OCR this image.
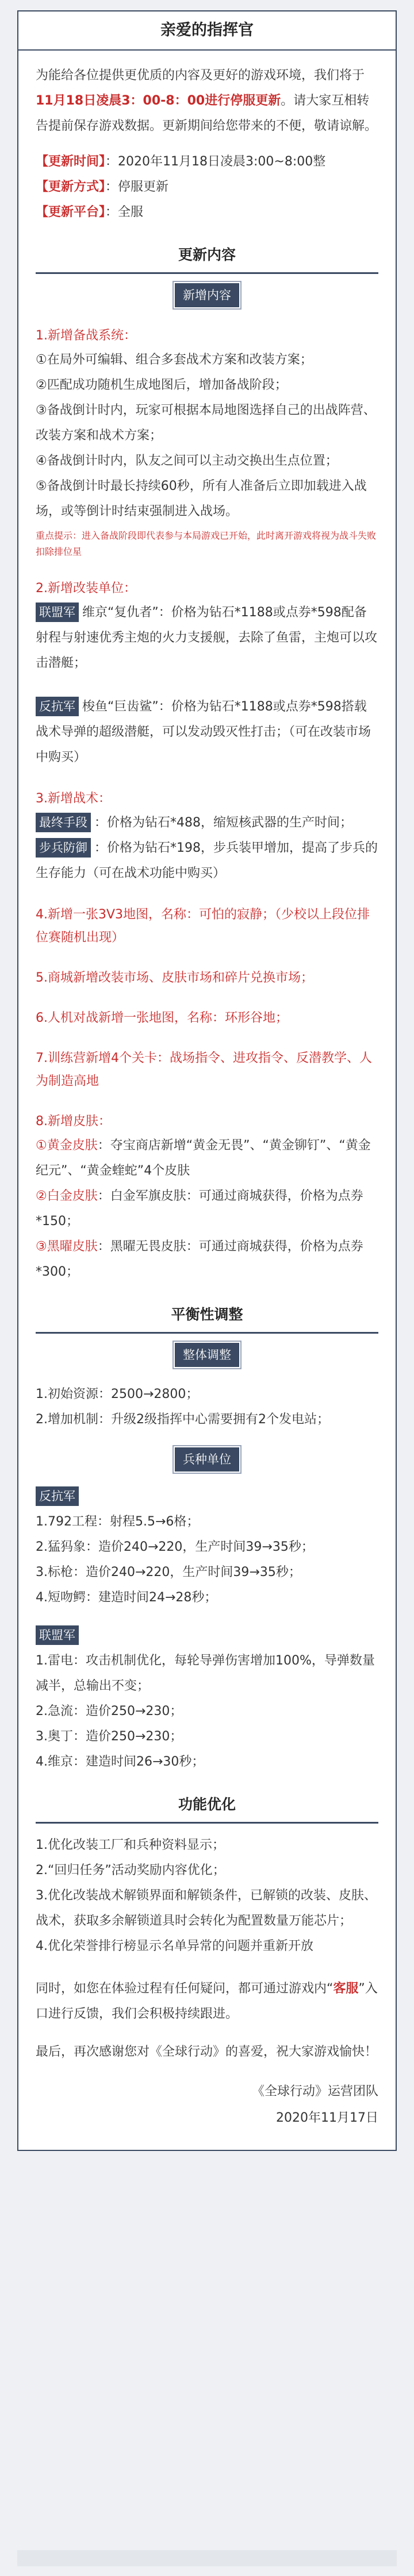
亲爱的指挥官

为能给各位提供更优质的内容及更好的游戏环境，我们将于11月18日凌晨3：00-8：00进行停服更新。请大家互相转告提前保存游戏数据。更新期间给您带来的不便，敬请谅解。

【更新时间】：2020年11月18日凌晨3:00~8:00整
【更新方式】：停服更新
【更新平台】：全服
更新内容
新增内容
1.新增备战系统：
①在局外可编辑、组合多套战术方案和改装方案；
②匹配成功随机生成地图后，增加备战阶段；
③备战倒计时内，玩家可根据本局地图选择自己的出战阵营、改装方案和战术方案；
④备战倒计时内，队友之间可以主动交换出生点位置；
⑤备战倒计时最长持续60秒，所有人准备后立即加载进入战场，或等倒计时结束强制进入战场。
重点提示：进入备战阶段即代表参与本局游戏已开始，此时离开游戏将视为战斗失败扣除排位星
2.新增改装单位：
联盟军 维京“复仇者”：价格为钻石*1188或点券*598配备射程与射速优秀主炮的火力支援舰，去除了鱼雷，主炮可以攻击潜艇；
反抗军 梭鱼“巨齿鲨”：价格为钻石*1188或点券*598搭载战术导弹的超级潜艇，可以发动毁灭性打击；（可在改装市场中购买）
3.新增战术：
最终手段 ：价格为钻石*488，缩短核武器的生产时间；
步兵防御 ：价格为钻石*198，步兵装甲增加，提高了步兵的生存能力（可在战术功能中购买）
4.新增一张3V3地图，名称：可怕的寂静；（少校以上段位排位赛随机出现）
5.商城新增改装市场、皮肤市场和碎片兑换市场；
6.人机对战新增一张地图，名称：环形谷地；
7.训练营新增4个关卡：战场指令、进攻指令、反潜教学、人为制造高地
8.新增皮肤：
①黄金皮肤：夺宝商店新增“黄金无畏”、“黄金铆钉”、“黄金纪元”、“黄金蝰蛇”4个皮肤
②白金皮肤：白金军旗皮肤：可通过商城获得，价格为点券*150；
③黑曜皮肤：黑曜无畏皮肤：可通过商城获得，价格为点券*300；
平衡性调整
整体调整
1.初始资源：2500→2800；
2.增加机制：升级2级指挥中心需要拥有2个发电站；
兵种单位
反抗军
1.792工程：射程5.5→6格；
2.猛犸象：造价240→220，生产时间39→35秒；
3.标枪：造价240→220，生产时间39→35秒；
4.短吻鳄：建造时间24→28秒；
联盟军
1.雷电：攻击机制优化，每轮导弹伤害增加100%，导弹数量减半，总输出不变；
2.急流：造价250→230；
3.奥丁：造价250→230；
4.维京：建造时间26→30秒；
功能优化
1.优化改装工厂和兵种资料显示；
2.“回归任务”活动奖励内容优化；
3.优化改装战术解锁界面和解锁条件，已解锁的改装、皮肤、战术，获取多余解锁道具时会转化为配置数量万能芯片；
4.优化荣誉排行榜显示名单异常的问题并重新开放

同时，如您在体验过程有任何疑问，都可通过游戏内“客服”入口进行反馈，我们会积极持续跟进。

最后，再次感谢您对《全球行动》的喜爱，祝大家游戏愉快！

《全球行动》运营团队
2020年11月17日
